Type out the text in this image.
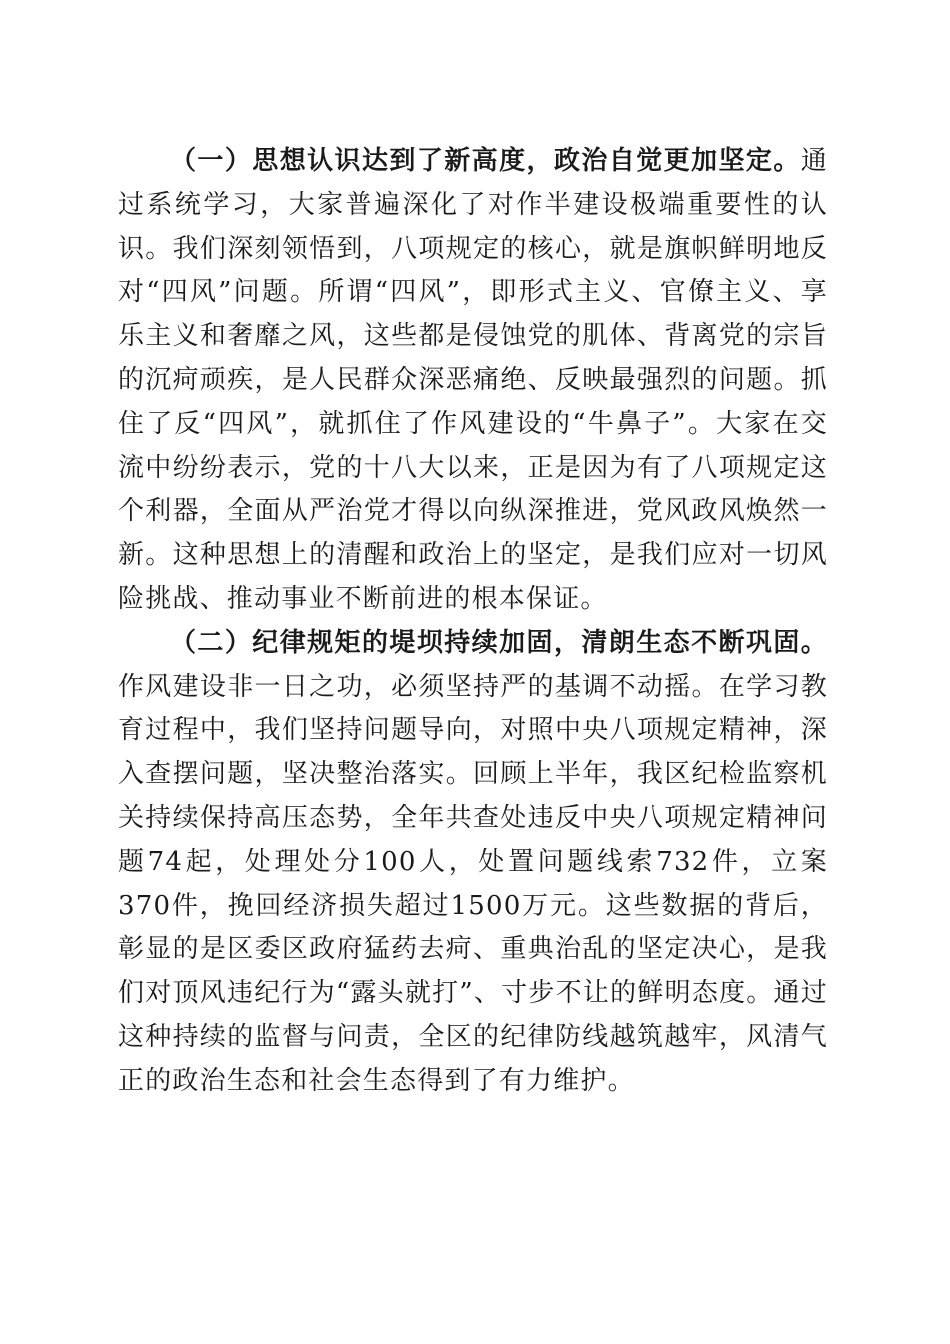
（一）思想认识达到了新高度，政治自觉更加坚定。通过系统学习，大家普遍深化了对作半建设极端重要性的认识。我们深刻领悟到，八项规定的核心，就是旗帜鲜明地反对“四风”问题。所谓“四风”，即形式主义、官僚主义、享乐主义和奢靡之风，这些都是侵蚀党的肌体、背离党的宗旨的沉疴顽疾，是人民群众深恶痛绝、反映最强烈的问题。抓住了反“四风”，就抓住了作风建设的“牛鼻子”。大家在交流中纷纷表示，党的十八大以来，正是因为有了八项规定这个利器，全面从严治党才得以向纵深推进，党风政风焕然一新。这种思想上的清醒和政治上的坚定，是我们应对一切风险挑战、推动事业不断前进的根本保证。

（二）纪律规矩的堤坝持续加固，清朗生态不断巩固。作风建设非一日之功，必须坚持严的基调不动摇。在学习教育过程中，我们坚持问题导向，对照中央八项规定精神，深入查摆问题，坚决整治落实。回顾上半年，我区纪检监察机关持续保持高压态势，全年共查处违反中央八项规定精神问题74起，处理处分100人，处置问题线索732件，立案370件，挽回经济损失超过1500万元。这些数据的背后，彰显的是区委区政府猛药去疴、重典治乱的坚定决心，是我们对顶风违纪行为“露头就打”、寸步不让的鲜明态度。通过这种持续的监督与问责，全区的纪律防线越筑越牢，风清气正的政治生态和社会生态得到了有力维护。
